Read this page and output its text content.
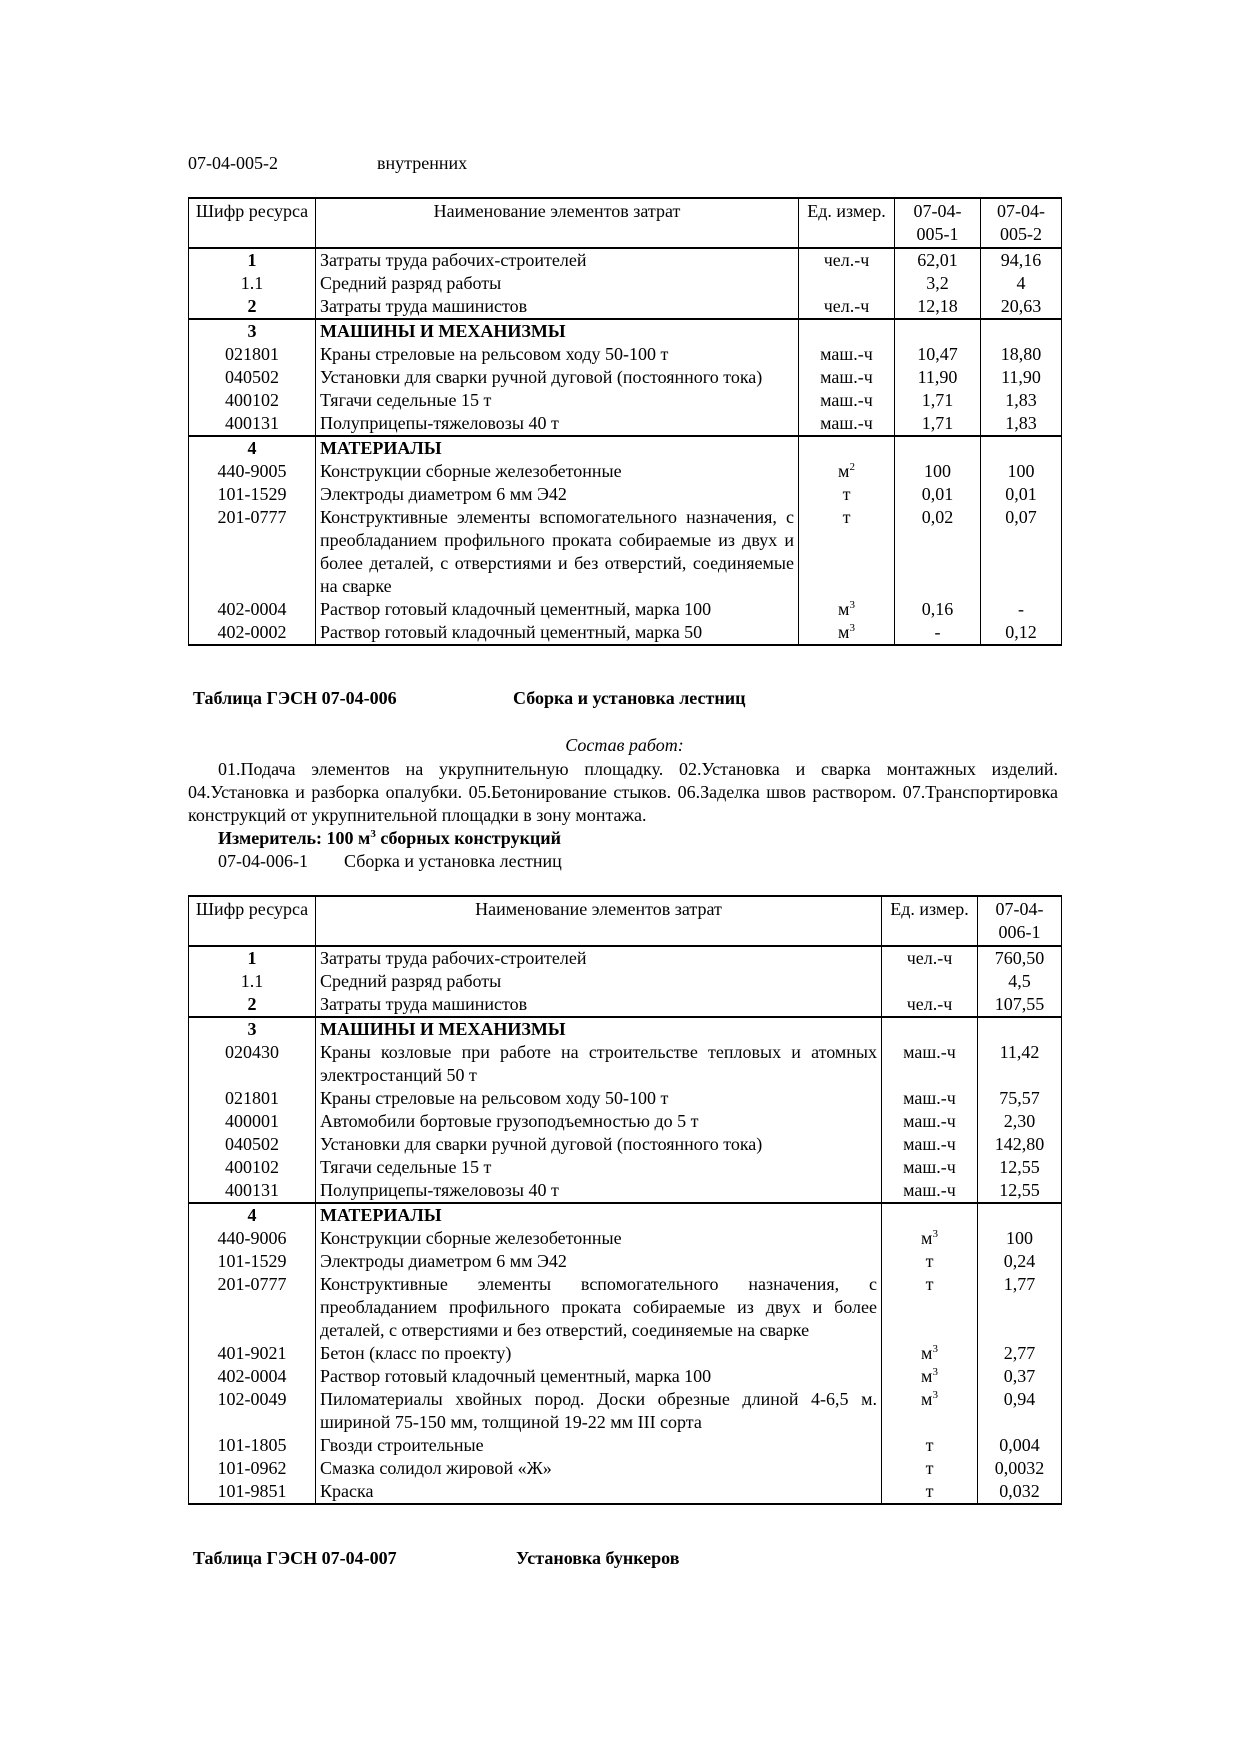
07-04-005-2	внутренних
Шифр ресурса	Наименование элементов затрат	Ед. измер.	07-04-005-1	07-04-005-2
1	Затраты труда рабочих-строителей	чел.-ч	62,01	94,16
1.1	Средний разряд работы		3,2	4
2	Затраты труда машинистов	чел.-ч	12,18	20,63
3	МАШИНЫ И МЕХАНИЗМЫ			
021801	Краны стреловые на рельсовом ходу 50-100 т	маш.-ч	10,47	18,80
040502	Установки для сварки ручной дуговой (постоянного тока)	маш.-ч	11,90	11,90
400102	Тягачи седельные 15 т	маш.-ч	1,71	1,83
400131	Полуприцепы-тяжеловозы 40 т	маш.-ч	1,71	1,83
4	МАТЕРИАЛЫ			
440-9005	Конструкции сборные железобетонные	$м^2$	100	100
101-1529	Электроды диаметром 6 мм Э42	т	0,01	0,01
201-0777	Конструктивные элементы вспомогательного назначения, с преобладанием профильного проката собираемые из двух и более деталей, с отверстиями и без отверстий, соединяемые на сварке	т	0,02	0,07
402-0004	Раствор готовый кладочный цементный, марка 100	$м^3$	0,16	-
402-0002	Раствор готовый кладочный цементный, марка 50	$м^3$	-	0,12
Таблица ГЭСН 07-04-006	Сборка и установка лестниц
Состав работ:
01.Подача элементов на укрупнительную площадку. 02.Установка и сварка монтажных изделий. 04.Установка и разборка опалубки. 05.Бетонирование стыков. 06.Заделка швов раствором. 07.Транспортировка конструкций от укрупнительной площадки в зону монтажа.
Измеритель: 100 $м^3$ сборных конструкций
07-04-006-1 Сборка и установка лестниц
Шифр ресурса	Наименование элементов затрат	Ед. измер.	07-04-006-1
1	Затраты труда рабочих-строителей	чел.-ч	760,50
1.1	Средний разряд работы		4,5
2	Затраты труда машинистов	чел.-ч	107,55
3	МАШИНЫ И МЕХАНИЗМЫ		
020430	Краны козловые при работе на строительстве тепловых и атомных электростанций 50 т	маш.-ч	11,42
021801	Краны стреловые на рельсовом ходу 50-100 т	маш.-ч	75,57
400001	Автомобили бортовые грузоподъемностью до 5 т	маш.-ч	2,30
040502	Установки для сварки ручной дуговой (постоянного тока)	маш.-ч	142,80
400102	Тягачи седельные 15 т	маш.-ч	12,55
400131	Полуприцепы-тяжеловозы 40 т	маш.-ч	12,55
4	МАТЕРИАЛЫ		
440-9006	Конструкции сборные железобетонные	$м^3$	100
101-1529	Электроды диаметром 6 мм Э42	т	0,24
201-0777	Конструктивные элементы вспомогательного назначения, с преобладанием профильного проката собираемые из двух и более деталей, с отверстиями и без отверстий, соединяемые на сварке	т	1,77
401-9021	Бетон (класс по проекту)	$м^3$	2,77
402-0004	Раствор готовый кладочный цементный, марка 100	$м^3$	0,37
102-0049	Пиломатериалы хвойных пород. Доски обрезные длиной 4-6,5 м. шириной 75-150 мм, толщиной 19-22 мм III сорта	$м^3$	0,94
101-1805	Гвозди строительные	т	0,004
101-0962	Смазка солидол жировой «Ж»	т	0,0032
101-9851	Краска	т	0,032
Таблица ГЭСН 07-04-007	Установка бункеров
